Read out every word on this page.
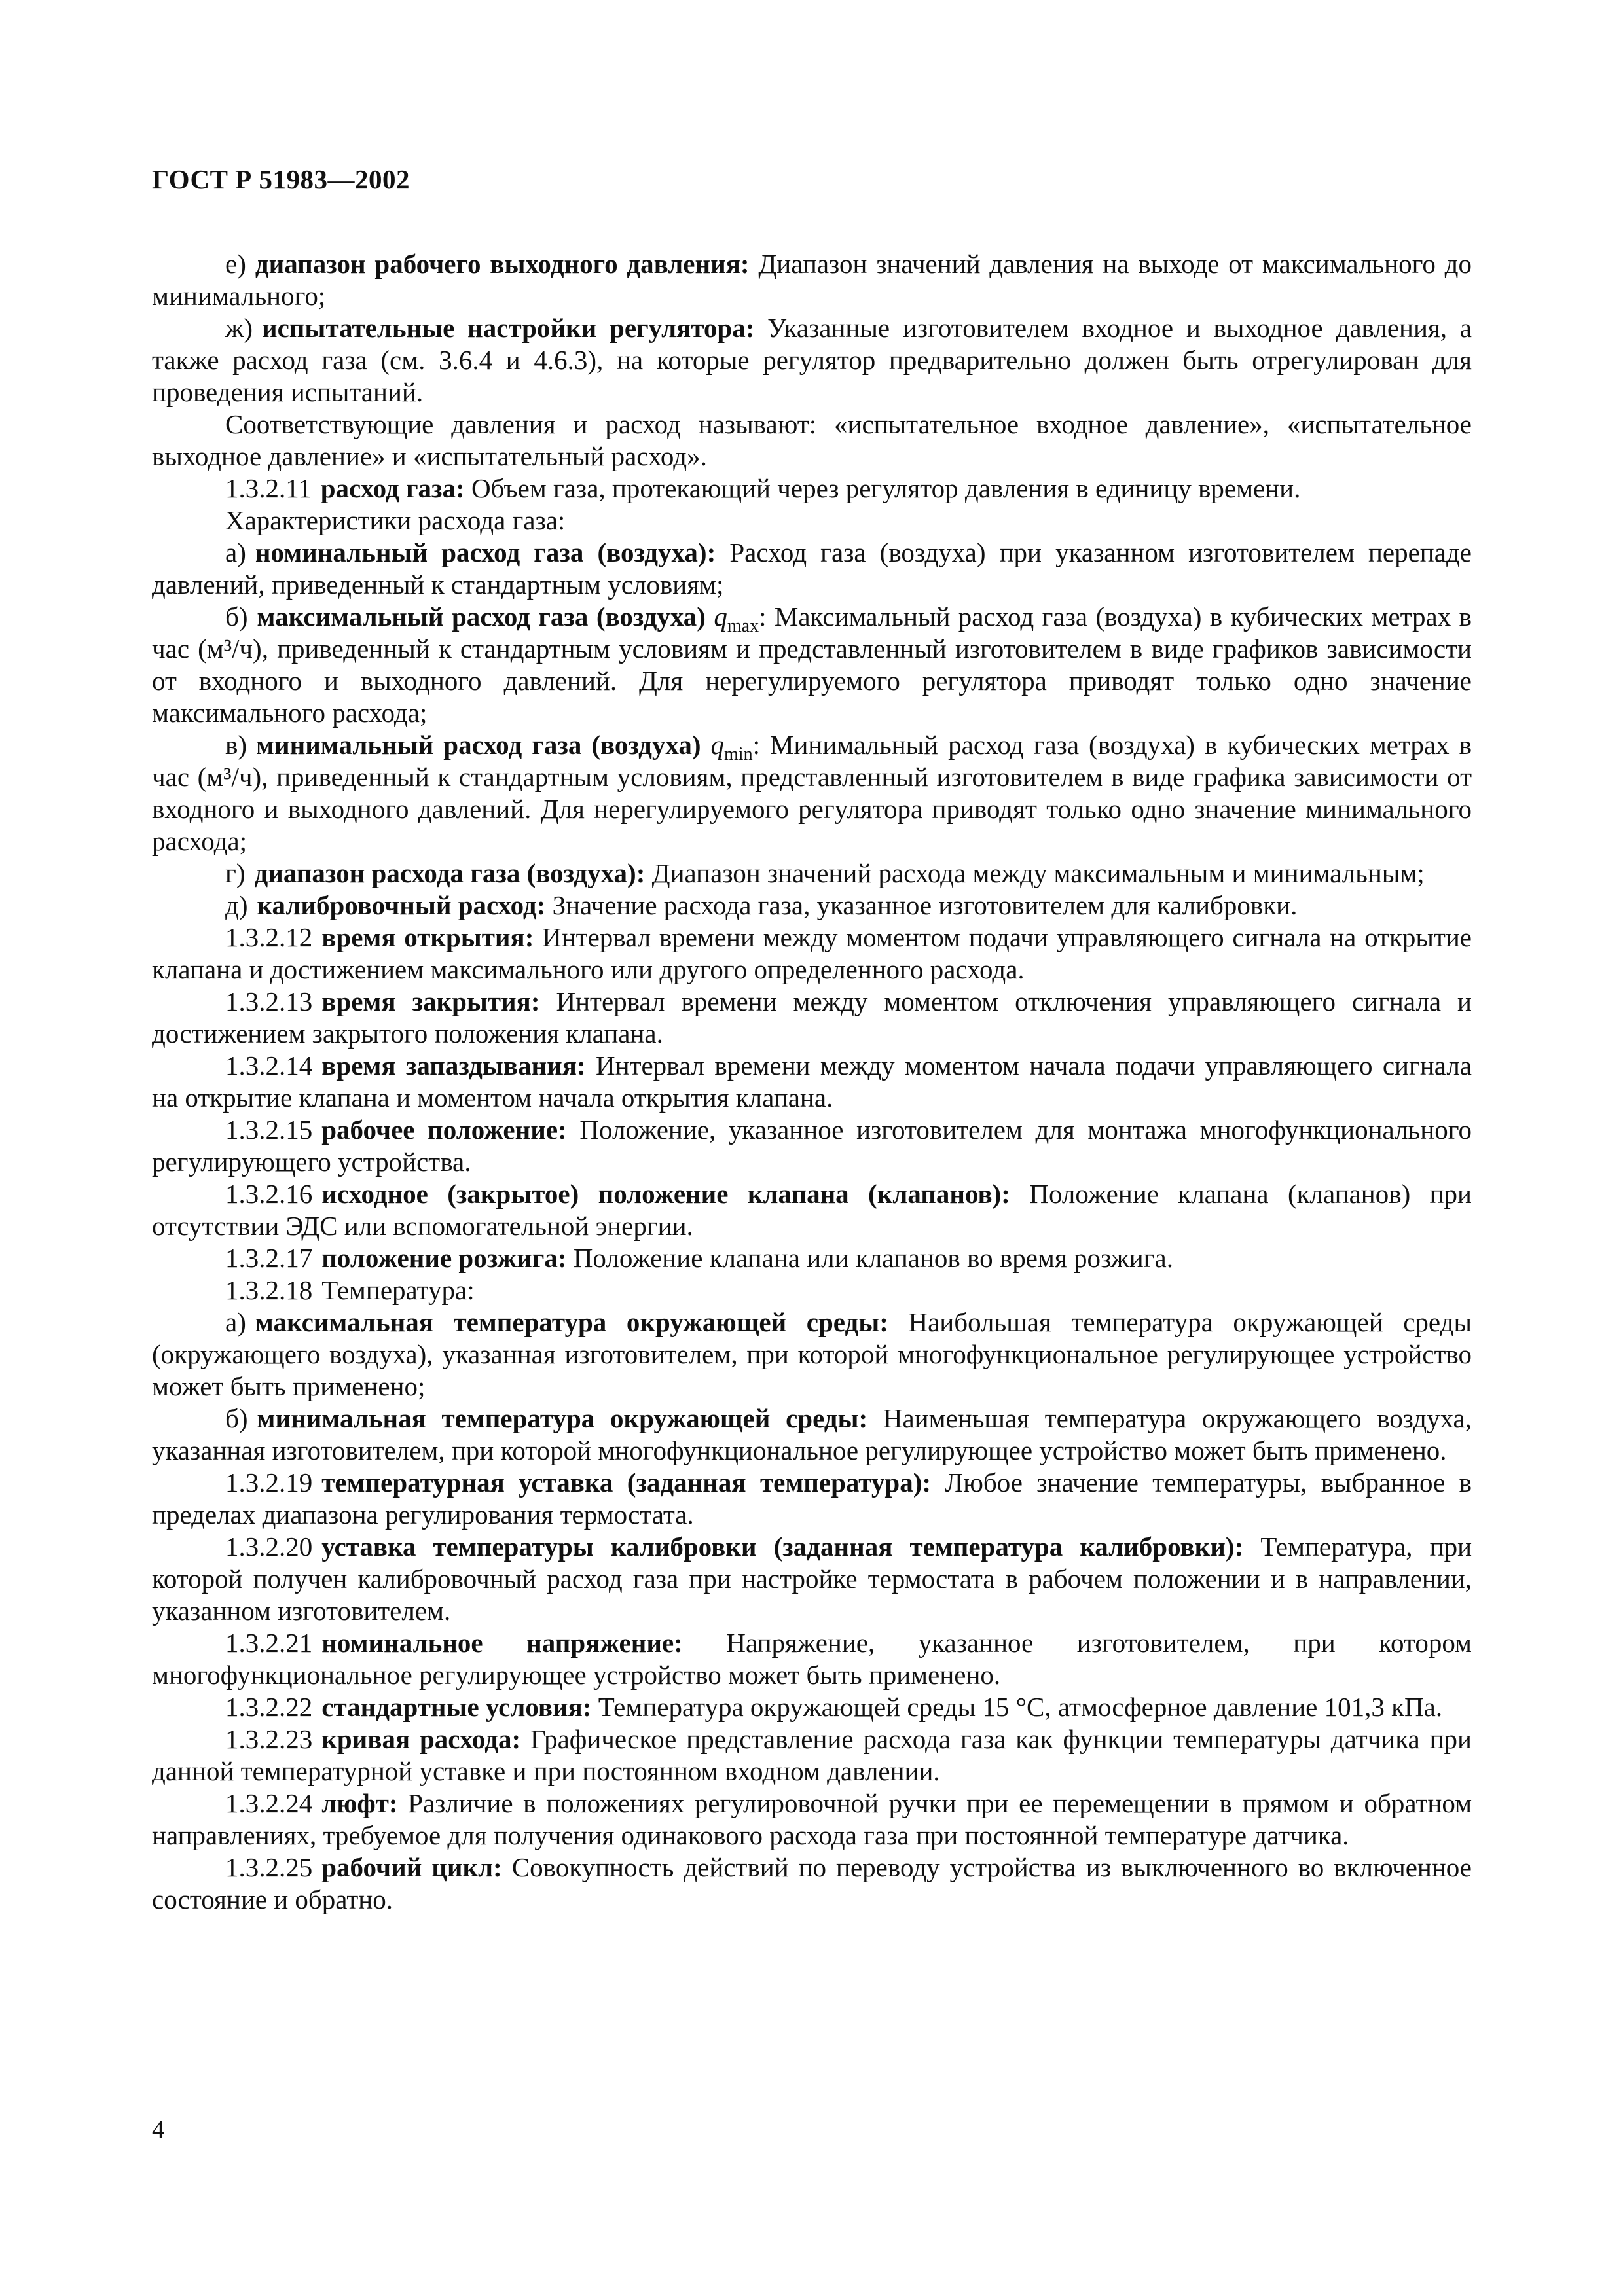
ГОСТ Р 51983—2002

е) диапазон рабочего выходного давления: Диапазон значений давления на выходе от максимального до минимального;

ж) испытательные настройки регулятора: Указанные изготовителем входное и выходное давления, а также расход газа (см. 3.6.4 и 4.6.3), на которые регулятор предварительно должен быть отрегулирован для проведения испытаний.

Соответствующие давления и расход называют: «испытательное входное давление», «испытательное выходное давление» и «испытательный расход».

1.3.2.11 расход газа: Объем газа, протекающий через регулятор давления в единицу времени.

Характеристики расхода газа:

а) номинальный расход газа (воздуха): Расход газа (воздуха) при указанном изготовителем перепаде давлений, приведенный к стандартным условиям;

б) максимальный расход газа (воздуха) $q_{max}$: Максимальный расход газа (воздуха) в кубических метрах в час (м³/ч), приведенный к стандартным условиям и представленный изготовителем в виде графиков зависимости от входного и выходного давлений. Для нерегулируемого регулятора приводят только одно значение максимального расхода;

в) минимальный расход газа (воздуха) $q_{min}$: Минимальный расход газа (воздуха) в кубических метрах в час (м³/ч), приведенный к стандартным условиям, представленный изготовителем в виде графика зависимости от входного и выходного давлений. Для нерегулируемого регулятора приводят только одно значение минимального расхода;

г) диапазон расхода газа (воздуха): Диапазон значений расхода между максимальным и минимальным;

д) калибровочный расход: Значение расхода газа, указанное изготовителем для калибровки.

1.3.2.12 время открытия: Интервал времени между моментом подачи управляющего сигнала на открытие клапана и достижением максимального или другого определенного расхода.

1.3.2.13 время закрытия: Интервал времени между моментом отключения управляющего сигнала и достижением закрытого положения клапана.

1.3.2.14 время запаздывания: Интервал времени между моментом начала подачи управляющего сигнала на открытие клапана и моментом начала открытия клапана.

1.3.2.15 рабочее положение: Положение, указанное изготовителем для монтажа многофункционального регулирующего устройства.

1.3.2.16 исходное (закрытое) положение клапана (клапанов): Положение клапана (клапанов) при отсутствии ЭДС или вспомогательной энергии.

1.3.2.17 положение розжига: Положение клапана или клапанов во время розжига.

1.3.2.18 Температура:

а) максимальная температура окружающей среды: Наибольшая температура окружающей среды (окружающего воздуха), указанная изготовителем, при которой многофункциональное регулирующее устройство может быть применено;

б) минимальная температура окружающей среды: Наименьшая температура окружающего воздуха, указанная изготовителем, при которой многофункциональное регулирующее устройство может быть применено.

1.3.2.19 температурная уставка (заданная температура): Любое значение температуры, выбранное в пределах диапазона регулирования термостата.

1.3.2.20 уставка температуры калибровки (заданная температура калибровки): Температура, при которой получен калибровочный расход газа при настройке термостата в рабочем положении и в направлении, указанном изготовителем.

1.3.2.21 номинальное напряжение: Напряжение, указанное изготовителем, при котором многофункциональное регулирующее устройство может быть применено.

1.3.2.22 стандартные условия: Температура окружающей среды 15 °С, атмосферное давление 101,3 кПа.

1.3.2.23 кривая расхода: Графическое представление расхода газа как функции температуры датчика при данной температурной уставке и при постоянном входном давлении.

1.3.2.24 люфт: Различие в положениях регулировочной ручки при ее перемещении в прямом и обратном направлениях, требуемое для получения одинакового расхода газа при постоянной температуре датчика.

1.3.2.25 рабочий цикл: Совокупность действий по переводу устройства из выключенного во включенное состояние и обратно.

4
